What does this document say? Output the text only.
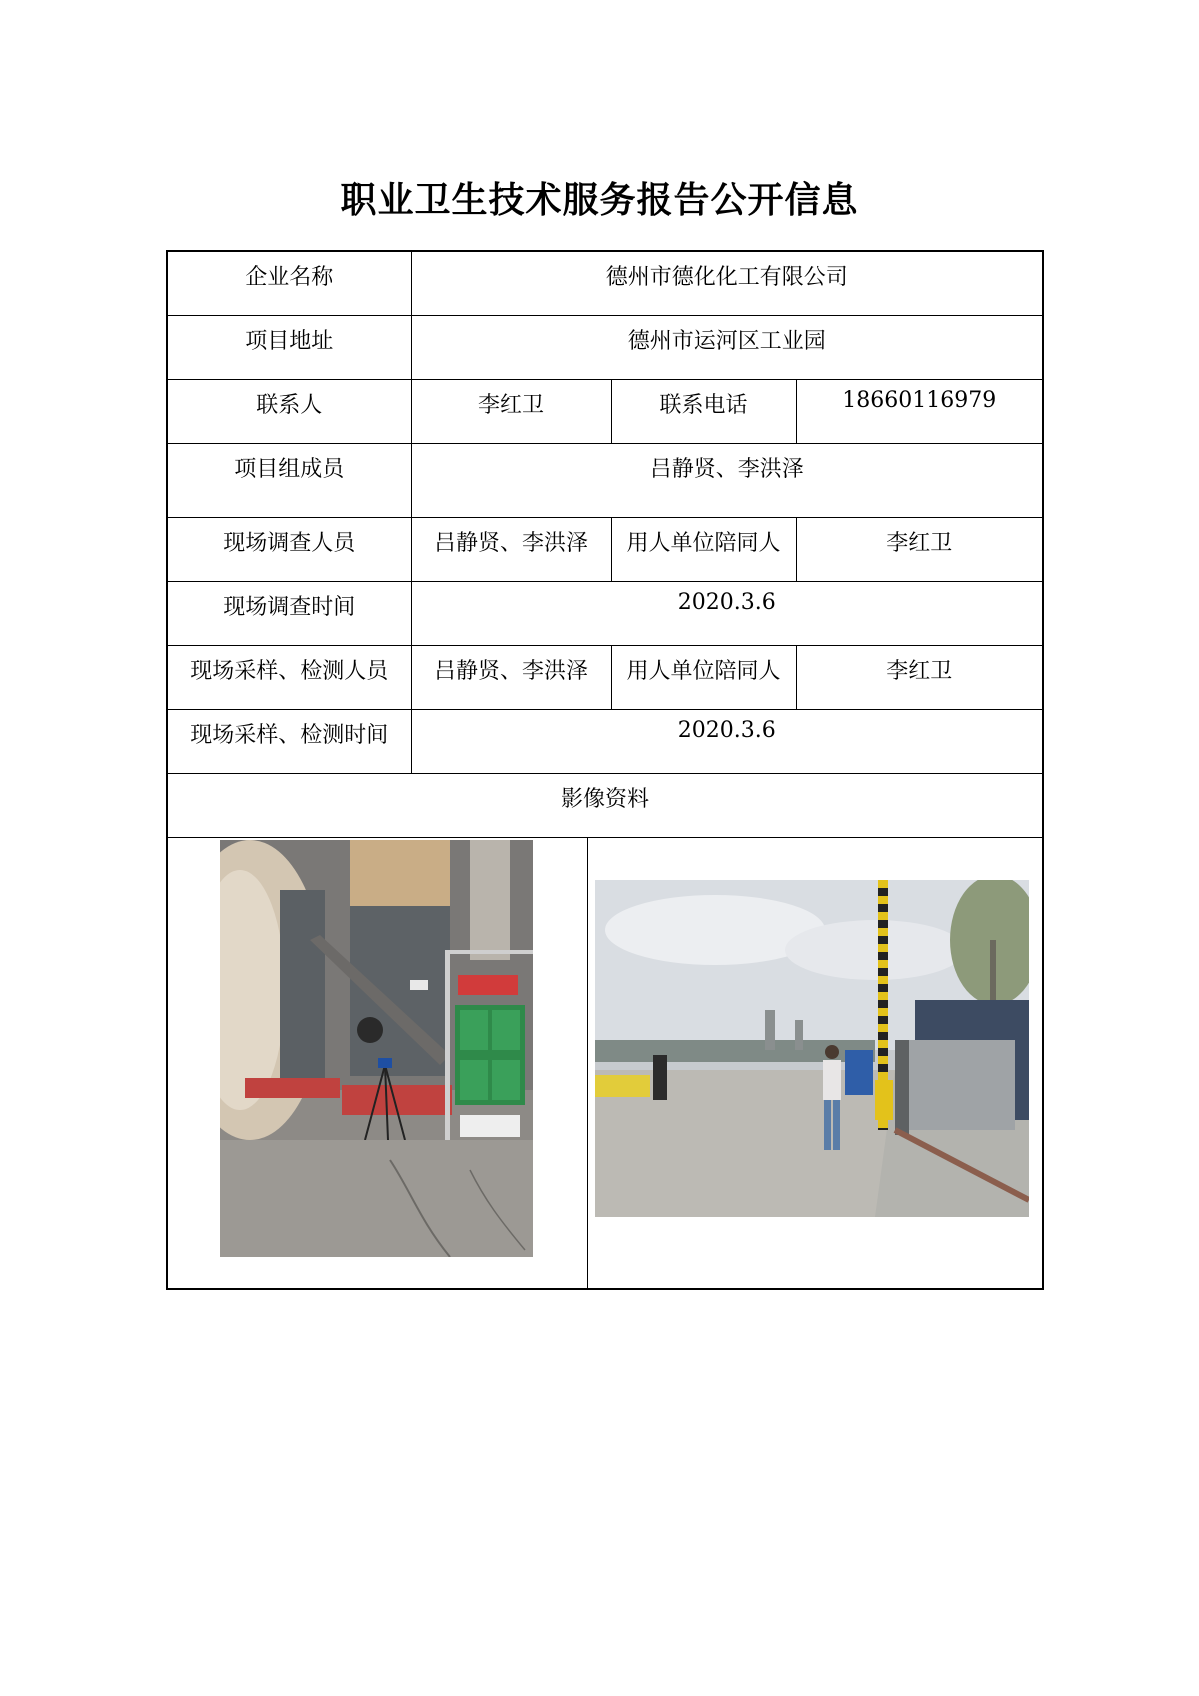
职业卫生技术服务报告公开信息
企业名称	德州市德化化工有限公司		
项目地址	德州市运河区工业园		
联系人	李红卫	联系电话	18660116979
项目组成员	吕静贤、李洪泽		
现场调查人员	吕静贤、李洪泽	用人单位陪同人	李红卫
现场调查时间	2020.3.6		
现场采样、检测人员	吕静贤、李洪泽	用人单位陪同人	李红卫
现场采样、检测时间	2020.3.6		
影像资料			
